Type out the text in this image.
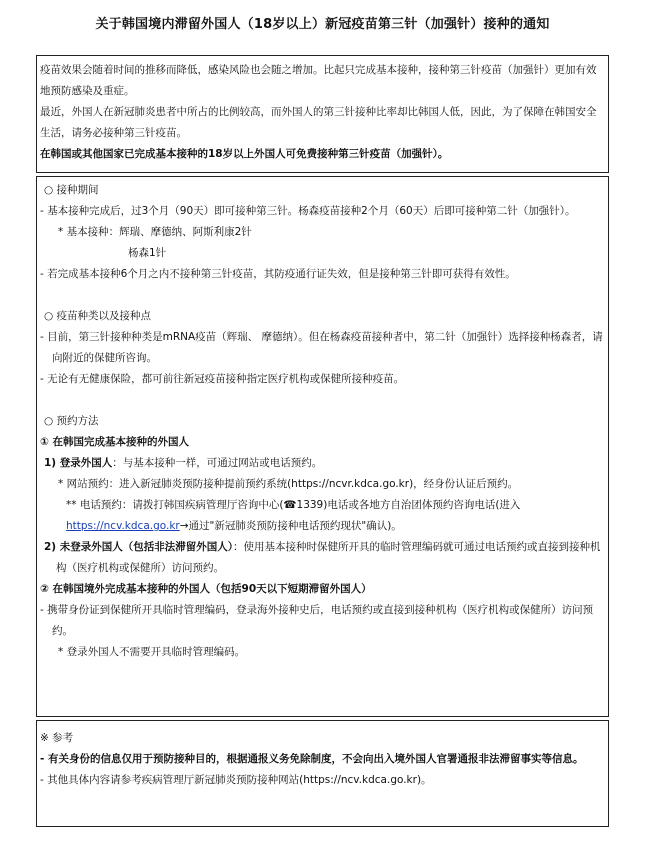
关于韩国境内滞留外国人（18岁以上）新冠疫苗第三针（加强针）接种的通知

疫苗效果会随着时间的推移而降低，感染风险也会随之增加。比起只完成基本接种，接种第三针疫苗（加强针）更加有效地预防感染及重症。

最近，外国人在新冠肺炎患者中所占的比例较高，而外国人的第三针接种比率却比韩国人低，因此，为了保障在韩国安全生活，请务必接种第三针疫苗。

在韩国或其他国家已完成基本接种的18岁以上外国人可免费接种第三针疫苗（加强针）。

○ 接种期间

- 基本接种完成后，过3个月（90天）即可接种第三针。杨森疫苗接种2个月（60天）后即可接种第二针（加强针）。

* 基本接种：辉瑞、摩德纳、阿斯利康2针

杨森1针

- 若完成基本接种6个月之内不接种第三针疫苗，其防疫通行证失效，但是接种第三针即可获得有效性。

○ 疫苗种类以及接种点

- 目前，第三针接种种类是mRNA疫苗（辉瑞、 摩德纳）。但在杨森疫苗接种者中，第二针（加强针）选择接种杨森者，请向附近的保健所咨询。

- 无论有无健康保险，都可前往新冠疫苗接种指定医疗机构或保健所接种疫苗。

○ 预约方法

① 在韩国完成基本接种的外国人

1) 登录外国人：与基本接种一样，可通过网站或电话预约。

* 网站预约：进入新冠肺炎预防接种提前预约系统(https://ncvr.kdca.go.kr)，经身份认证后预约。

** 电话预约：请拨打韩国疾病管理厅咨询中心(☎1339)电话或各地方自治团体预约咨询电话(进入
https://ncv.kdca.go.kr→通过"新冠肺炎预防接种电话预约现状"确认)。

2) 未登录外国人（包括非法滞留外国人）：使用基本接种时保健所开具的临时管理编码就可通过电话预约或直接到接种机构（医疗机构或保健所）访问预约。

② 在韩国境外完成基本接种的外国人（包括90天以下短期滞留外国人）

- 携带身份证到保健所开具临时管理编码，登录海外接种史后，电话预约或直接到接种机构（医疗机构或保健所）访问预约。

* 登录外国人不需要开具临时管理编码。

※ 参考

- 有关身份的信息仅用于预防接种目的，根据通报义务免除制度，不会向出入境外国人官署通报非法滞留事实等信息。

- 其他具体内容请参考疾病管理厅新冠肺炎预防接种网站(https://ncv.kdca.go.kr)。
